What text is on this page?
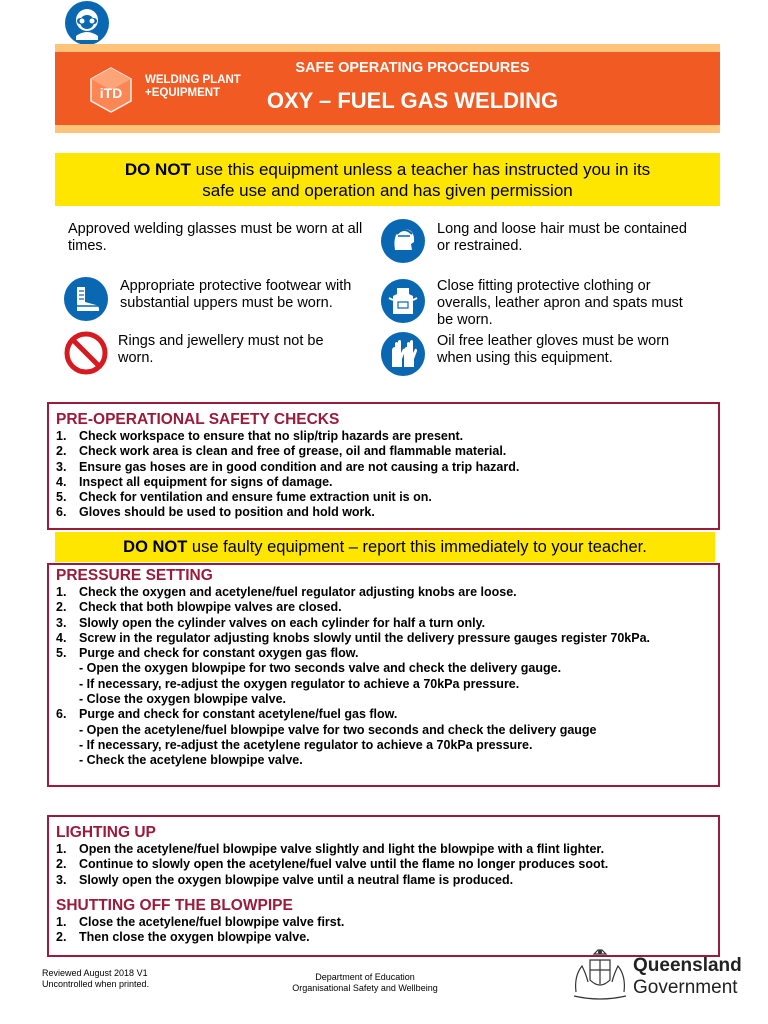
iTD
WELDING PLANT
+EQUIPMENT
SAFE OPERATING PROCEDURES
OXY – FUEL GAS WELDING
DO NOT use this equipment unless a teacher has instructed you in its
safe use and operation and has given permission
Approved welding glasses must be worn at all times.
Long and loose hair must be contained or restrained.
Appropriate protective footwear with substantial uppers must be worn.
Close fitting protective clothing or overalls, leather apron and spats must be worn.
Rings and jewellery must not be worn.
Oil free leather gloves must be worn when using this equipment.
PRE-OPERATIONAL SAFETY CHECKS
1.	Check workspace to ensure that no slip/trip hazards are present.
2.	Check work area is clean and free of grease, oil and flammable material.
3.	Ensure gas hoses are in good condition and are not causing a trip hazard.
4.	Inspect all equipment for signs of damage.
5.	Check for ventilation and ensure fume extraction unit is on.
6.	Gloves should be used to position and hold work.
DO NOT use faulty equipment – report this immediately to your teacher.
PRESSURE SETTING
1.	Check the oxygen and acetylene/fuel regulator adjusting knobs are loose.
2.	Check that both blowpipe valves are closed.
3.	Slowly open the cylinder valves on each cylinder for half a turn only.
4.	Screw in the regulator adjusting knobs slowly until the delivery pressure gauges register 70kPa.
5.	Purge and check for constant oxygen gas flow.
- Open the oxygen blowpipe for two seconds valve and check the delivery gauge.
- If necessary, re-adjust the oxygen regulator to achieve a 70kPa pressure.
- Close the oxygen blowpipe valve.
6.	Purge and check for constant acetylene/fuel gas flow.
- Open the acetylene/fuel blowpipe valve for two seconds and check the delivery gauge
- If necessary, re-adjust the acetylene regulator to achieve a 70kPa pressure.
- Check the acetylene blowpipe valve.
LIGHTING UP
1.	Open the acetylene/fuel blowpipe valve slightly and light the blowpipe with a flint lighter.
2.	Continue to slowly open the acetylene/fuel valve until the flame no longer produces soot.
3.	Slowly open the oxygen blowpipe valve until a neutral flame is produced.
SHUTTING OFF THE BLOWPIPE
1.	Close the acetylene/fuel blowpipe valve first.
2.	Then close the oxygen blowpipe valve.
Reviewed August 2018 V1
Uncontrolled when printed.
Department of Education
Organisational Safety and Wellbeing
Queensland
Government
